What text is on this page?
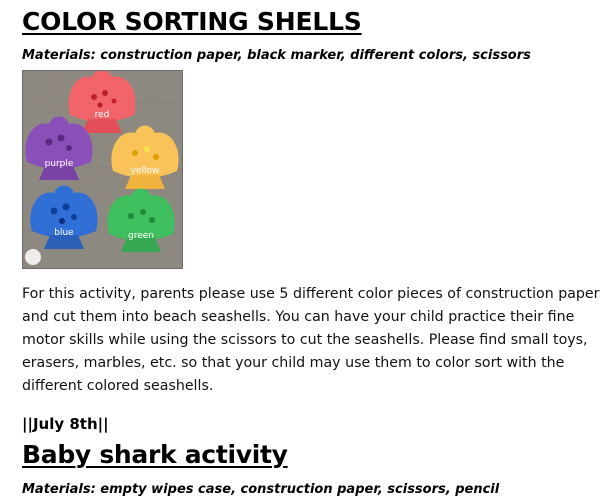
COLOR SORTING SHELLS
Materials: construction paper, black marker, different colors, scissors
red
purple
yellow
blue	green
For this activity, parents please use 5 different color pieces of construction paper
and cut them into beach seashells. You can have your child practice their fine
motor skills while using the scissors to cut the seashells. Please find small toys,
erasers, marbles, etc. so that your child may use them to color sort with the
different colored seashells.
||July 8th||
Baby shark activity
Materials: empty wipes case, construction paper, scissors, pencil
